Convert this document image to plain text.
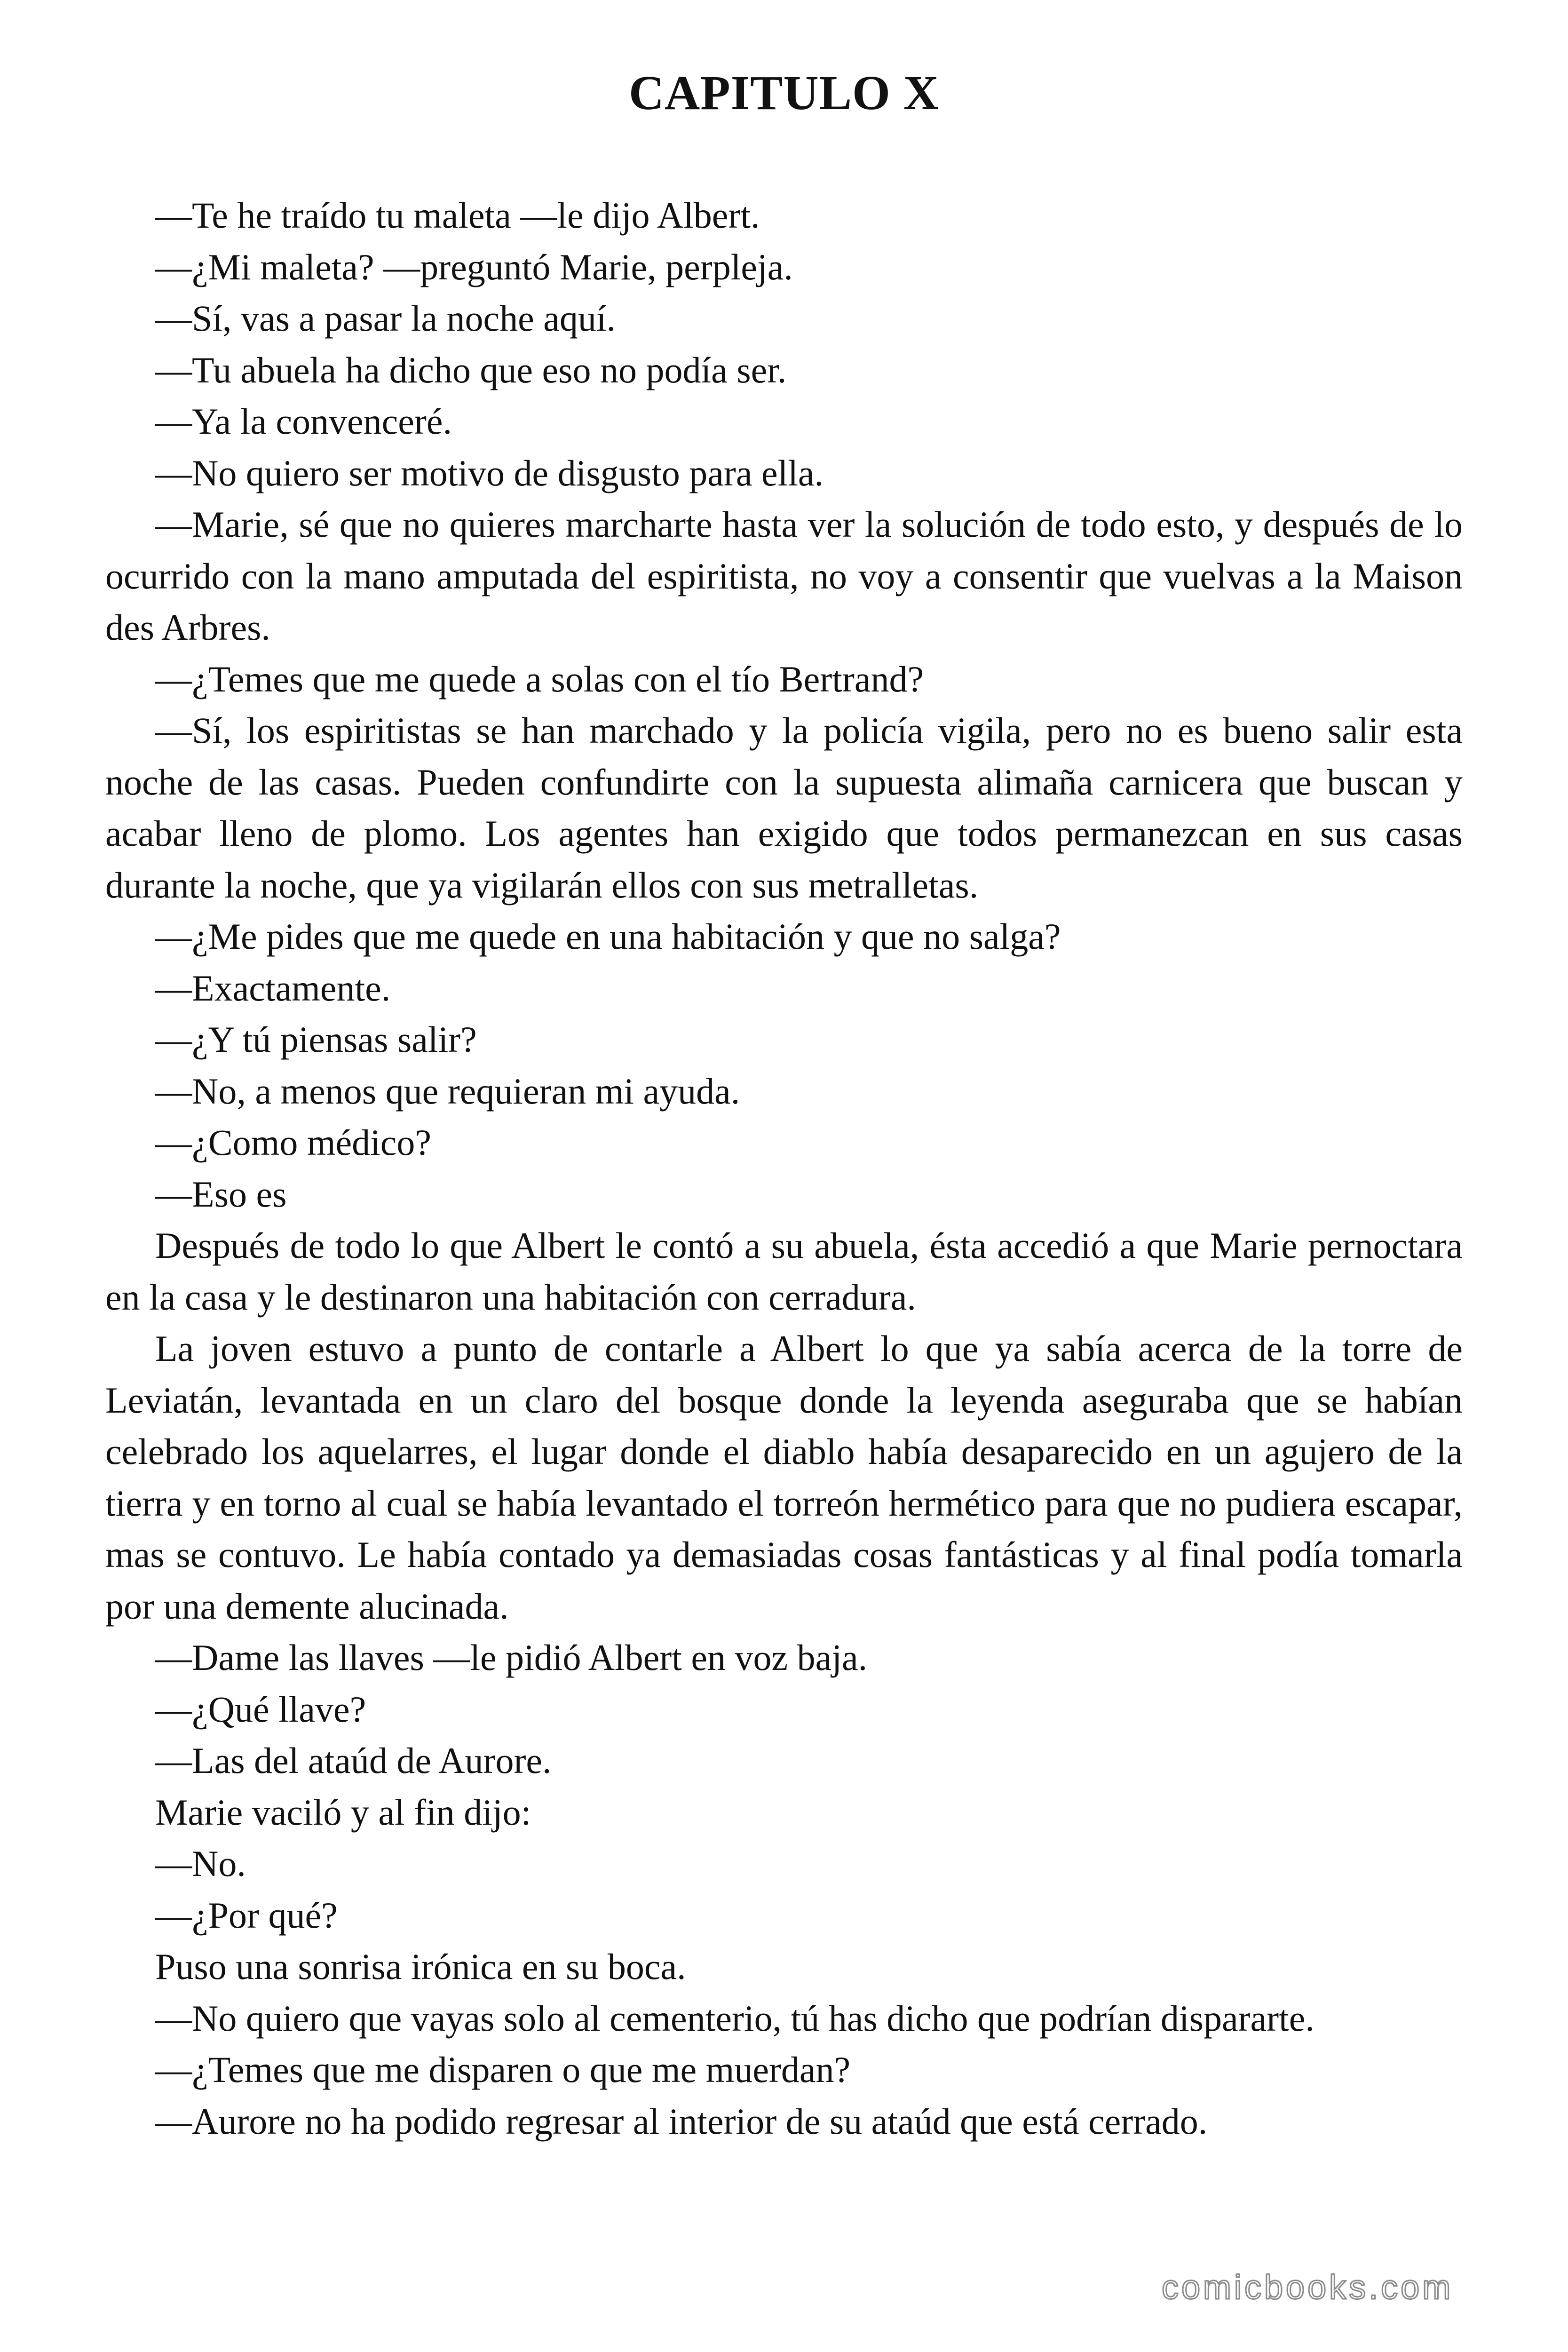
CAPITULO X

—Te he traído tu maleta —le dijo Albert.

—¿Mi maleta? —preguntó Marie, perpleja.

—Sí, vas a pasar la noche aquí.

—Tu abuela ha dicho que eso no podía ser.

—Ya la convenceré.

—No quiero ser motivo de disgusto para ella.

—Marie, sé que no quieres marcharte hasta ver la solución de todo esto, y después de lo ocurrido con la mano amputada del espiritista, no voy a consentir que vuelvas a la Maison des Arbres.

—¿Temes que me quede a solas con el tío Bertrand?

—Sí, los espiritistas se han marchado y la policía vigila, pero no es bueno salir esta noche de las casas. Pueden confundirte con la supuesta alimaña carnicera que buscan y acabar lleno de plomo. Los agentes han exigido que todos permanezcan en sus casas durante la noche, que ya vigilarán ellos con sus metralletas.

—¿Me pides que me quede en una habitación y que no salga?

—Exactamente.

—¿Y tú piensas salir?

—No, a menos que requieran mi ayuda.

—¿Como médico?

—Eso es

Después de todo lo que Albert le contó a su abuela, ésta accedió a que Marie pernoctara en la casa y le destinaron una habitación con cerradura.

La joven estuvo a punto de contarle a Albert lo que ya sabía acerca de la torre de Leviatán, levantada en un claro del bosque donde la leyenda aseguraba que se habían celebrado los aquelarres, el lugar donde el diablo había desaparecido en un agujero de la tierra y en torno al cual se había levantado el torreón hermético para que no pudiera escapar, mas se contuvo. Le había contado ya demasiadas cosas fantásticas y al final podía tomarla por una demente alucinada.

—Dame las llaves —le pidió Albert en voz baja.

—¿Qué llave?

—Las del ataúd de Aurore.

Marie vaciló y al fin dijo:

—No.

—¿Por qué?

Puso una sonrisa irónica en su boca.

—No quiero que vayas solo al cementerio, tú has dicho que podrían dispararte.

—¿Temes que me disparen o que me muerdan?

—Aurore no ha podido regresar al interior de su ataúd que está cerrado.

comicbooks.com
